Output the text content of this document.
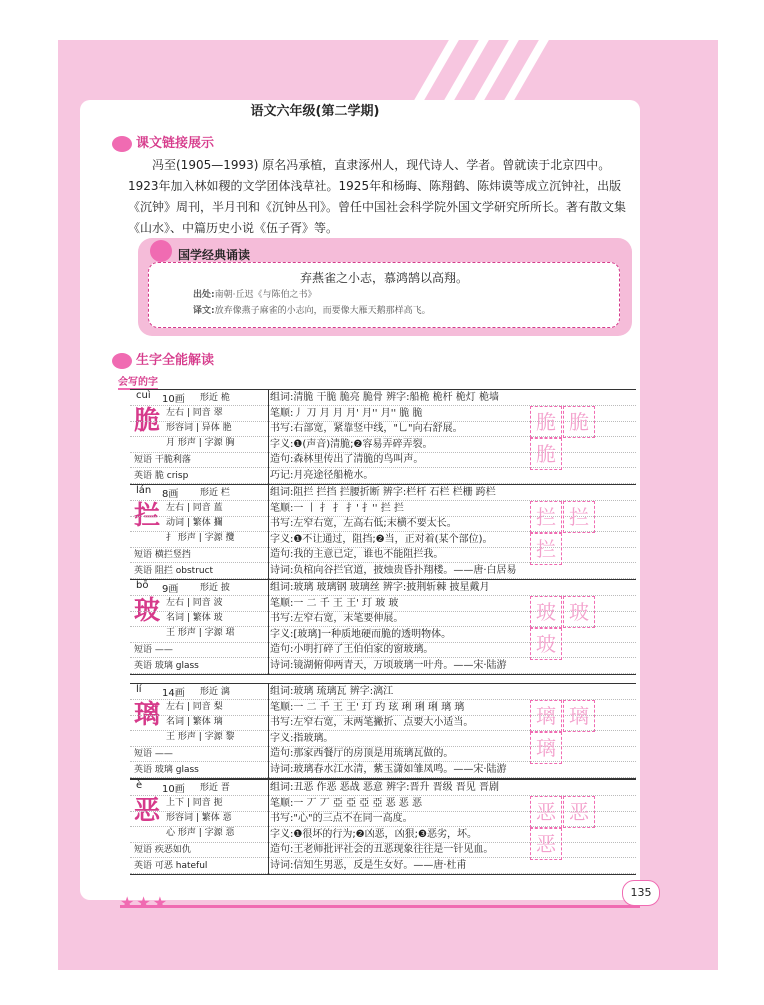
语文六年级(第二学期)
课文链接展示
冯至(1905—1993) 原名冯承植，直隶涿州人，现代诗人、学者。曾就读于北京四中。1923年加入林如稷的文学团体浅草社。1925年和杨晦、陈翔鹤、陈炜谟等成立沉钟社，出版《沉钟》周刊，半月刊和《沉钟丛刊》。曾任中国社会科学院外国文学研究所所长。著有散文集《山水》、中篇历史小说《伍子胥》等。
国学经典诵读
弃燕雀之小志，慕鸿鹄以高翔。
出处:南朝·丘迟《与陈伯之书》
译文:放弃像燕子麻雀的小志向，而要像大雁天鹅那样高飞。
生字全能解读
会写的字
cuì 10画 形近 桅
脆 左右 | 同音 翠
形容词 | 异体 脃
月 形声 | 字源 胸
短语 干脆利落
英语 脆 crisp
组词:清脆 干脆 脆亮 脆骨 辨字:船桅 桅杆 桅灯 桅墙
笔顺:丿 刀 月 月 月' 月'' 月'' 脆 脆
书写:右部宽，紧靠竖中线，"乚"向右舒展。
字义:❶(声音)清脆;❷容易弄碎弄裂。
造句:森林里传出了清脆的鸟叫声。
巧记:月亮途径船桅水。
脆 脆脆
lán 8画 形近 栏
拦 左右 | 同音 蓝
动词 | 繁体 攔
扌 形声 | 字源 攬
短语 横拦竖挡
英语 阻拦 obstruct
组词:阻拦 拦挡 拦腰折断 辨字:栏杆 石栏 栏栅 跨栏
笔顺:一 丨 扌 扌 扌' 扌'' 拦 拦
书写:左窄右宽，左高右低;末横不要太长。
字义:❶不让通过，阻挡;❷当，正对着(某个部位)。
造句:我的主意已定，谁也不能阻拦我。
诗词:负棺向谷拦官道，披烛贵昏扑翔楼。——唐·白居易
拦 拦拦
bō 9画 形近 披
玻 左右 | 同音 波
名词 | 繁体 玻
王 形声 | 字源 珺
短语 ——
英语 玻璃 glass
组词:玻璃 玻璃钢 玻璃丝 辨字:披荆斩棘 披星戴月
笔顺:一 二 千 王 王' 玎 玻 玻
书写:左窄右宽，末笔要伸展。
字义:[玻璃]一种质地硬而脆的透明物体。
造句:小明打碎了王伯伯家的窗玻璃。
诗词:镜湖俯仰两青天，万顷玻璃一叶舟。——宋·陆游
玻 玻玻
lí 14画 形近 漓
璃 左右 | 同音 梨
名词 | 繁体 璃
王 形声 | 字源 黎
短语 ——
英语 玻璃 glass
组词:玻璃 琉璃瓦 辨字:漓江
笔顺:一 二 千 王 王' 玎 玓 玹 琍 琍 琍 璃 璃
书写:左窄右宽，末两笔撇折、点要大小适当。
字义:指玻璃。
造句:那家西餐厅的房顶是用琉璃瓦做的。
诗词:玻璃春水江水清，紫玉潇如雏凤鸣。——宋·陆游
璃 璃璃
è 10画 形近 晋
恶 上下 | 同音 扼
形容词 | 繁体 惡
心 形声 | 字源 惡
短语 疾恶如仇
英语 可恶 hateful
组词:丑恶 作恶 恶战 恶意 辨字:晋升 晋级 晋见 晋剧
笔顺:一 丆 丆 亞 亞 亞 亞 恶 恶 恶
书写:"心"的三点不在同一高度。
字义:❶很坏的行为;❷凶恶，凶狠;❸恶劣，坏。
造句:王老师批评社会的丑恶现象往往是一针见血。
诗词:信知生男恶，反是生女好。——唐·杜甫
恶 恶恶
★★★
135
